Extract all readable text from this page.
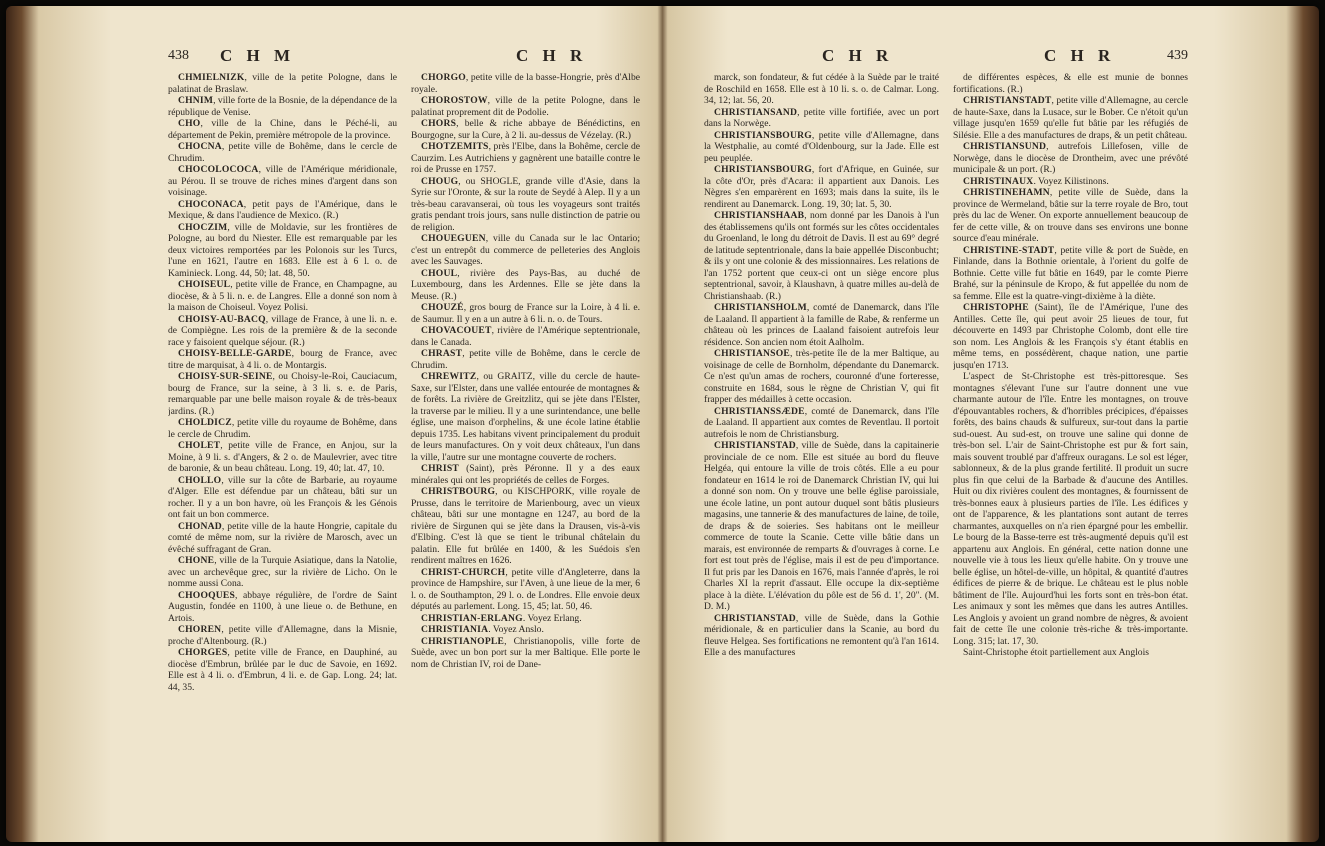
438 C H M	C H R

CHMIELNIZK, ville de la petite Pologne, dans le palatinat de Braslaw.

CHNIM, ville forte de la Bosnie, de la dépendance de la république de Venise.

CHO, ville de la Chine, dans le Péché-li, au département de Pekin, première métropole de la province.

CHOCNA, petite ville de Bohême, dans le cercle de Chrudim.

CHOCOLOCOCA, ville de l'Amérique méridionale, au Pérou. Il se trouve de riches mines d'argent dans son voisinage.

CHOCONACA, petit pays de l'Amérique, dans le Mexique, & dans l'audience de Mexico. (R.)

CHOCZIM, ville de Moldavie, sur les frontières de Pologne, au bord du Niester. Elle est remarquable par les deux victoires remportées par les Polonois sur les Turcs, l'une en 1621, l'autre en 1683. Elle est à 6 l. o. de Kaminieck. Long. 44, 50; lat. 48, 50.

CHOISEUL, petite ville de France, en Champagne, au diocèse, & à 5 li. n. e. de Langres. Elle a donné son nom à la maison de Choiseul. Voyez Polisi.

CHOISY-AU-BACQ, village de France, à une li. n. e. de Compiègne. Les rois de la première & de la seconde race y faisoient quelque séjour. (R.)

CHOISY-BELLE-GARDE, bourg de France, avec titre de marquisat, à 4 li. o. de Montargis.

CHOISY-SUR-SEINE, ou Choisy-le-Roi, Cauciacum, bourg de France, sur la seine, à 3 li. s. e. de Paris, remarquable par une belle maison royale & de très-beaux jardins. (R.)

CHOLDICZ, petite ville du royaume de Bohême, dans le cercle de Chrudim.

CHOLET, petite ville de France, en Anjou, sur la Moine, à 9 li. s. d'Angers, & 2 o. de Maulevrier, avec titre de baronie, & un beau château. Long. 19, 40; lat. 47, 10.

CHOLLO, ville sur la côte de Barbarie, au royaume d'Alger. Elle est défendue par un château, bâti sur un rocher. Il y a un bon havre, où les François & les Génois ont fait un bon commerce.

CHONAD, petite ville de la haute Hongrie, capitale du comté de même nom, sur la rivière de Marosch, avec un évêché suffragant de Gran.

CHONE, ville de la Turquie Asiatique, dans la Natolie, avec un archevêque grec, sur la rivière de Licho. On le nomme aussi Cona.

CHOOQUES, abbaye régulière, de l'ordre de Saint Augustin, fondée en 1100, à une lieue o. de Bethune, en Artois.

CHOREN, petite ville d'Allemagne, dans la Misnie, proche d'Altenbourg. (R.)

CHORGES, petite ville de France, en Dauphiné, au diocèse d'Embrun, brûlée par le duc de Savoie, en 1692. Elle est à 4 li. o. d'Embrun, 4 li. e. de Gap. Long. 24; lat. 44, 35.

CHORGO, petite ville de la basse-Hongrie, près d'Albe royale.

CHOROSTOW, ville de la petite Pologne, dans le palatinat proprement dit de Podolie.

CHORS, belle & riche abbaye de Bénédictins, en Bourgogne, sur la Cure, à 2 li. au-dessus de Vézelay. (R.)

CHOTZEMITS, près l'Elbe, dans la Bohême, cercle de Caurzim. Les Autrichiens y gagnèrent une bataille contre le roi de Prusse en 1757.

CHOUG, ou SHOGLE, grande ville d'Asie, dans la Syrie sur l'Oronte, & sur la route de Seydé à Alep. Il y a un très-beau caravanserai, où tous les voyageurs sont traités gratis pendant trois jours, sans nulle distinction de patrie ou de religion.

CHOUEGUEN, ville du Canada sur le lac Ontario; c'est un entrepôt du commerce de pelleteries des Anglois avec les Sauvages.

CHOUL, rivière des Pays-Bas, au duché de Luxembourg, dans les Ardennes. Elle se jète dans la Meuse. (R.)

CHOUZÉ, gros bourg de France sur la Loire, à 4 li. e. de Saumur. Il y en a un autre à 6 li. n. o. de Tours.

CHOVACOUET, rivière de l'Amérique septentrionale, dans le Canada.

CHRAST, petite ville de Bohême, dans le cercle de Chrudim.

CHREWITZ, ou GRAITZ, ville du cercle de haute-Saxe, sur l'Elster, dans une vallée entourée de montagnes & de forêts. La rivière de Greitzlitz, qui se jète dans l'Elster, la traverse par le milieu. Il y a une surintendance, une belle église, une maison d'orphelins, & une école latine établie depuis 1735. Les habitans vivent principalement du produit de leurs manufactures. On y voit deux châteaux, l'un dans la ville, l'autre sur une montagne couverte de rochers.

CHRIST (Saint), près Péronne. Il y a des eaux minérales qui ont les propriétés de celles de Forges.

CHRISTBOURG, ou KISCHPORK, ville royale de Prusse, dans le territoire de Marienbourg, avec un vieux château, bâti sur une montagne en 1247, au bord de la rivière de Sirgunen qui se jète dans la Drausen, vis-à-vis d'Elbing. C'est là que se tient le tribunal châtelain du palatin. Elle fut brûlée en 1400, & les Suédois s'en rendirent maîtres en 1626.

CHRIST-CHURCH, petite ville d'Angleterre, dans la province de Hampshire, sur l'Aven, à une lieue de la mer, 6 l. o. de Southampton, 29 l. o. de Londres. Elle envoie deux députés au parlement. Long. 15, 45; lat. 50, 46.

CHRISTIAN-ERLANG. Voyez Erlang.

CHRISTIANIA. Voyez Anslo.

CHRISTIANOPLE, Christianopolis, ville forte de Suède, avec un bon port sur la mer Baltique. Elle porte le nom de Christian IV, roi de Dane-

C H R	C H R	439

marck, son fondateur, & fut cédée à la Suède par le traité de Roschild en 1658. Elle est à 10 li. s. o. de Calmar. Long. 34, 12; lat. 56, 20.

CHRISTIANSAND, petite ville fortifiée, avec un port dans la Norwège.

CHRISTIANSBOURG, petite ville d'Allemagne, dans la Westphalie, au comté d'Oldenbourg, sur la Jade. Elle est peu peuplée.

CHRISTIANSBOURG, fort d'Afrique, en Guinée, sur la côte d'Or, près d'Acara: il appartient aux Danois. Les Nègres s'en emparèrent en 1693; mais dans la suite, ils le rendirent au Danemarck. Long. 19, 30; lat. 5, 30.

CHRISTIANSHAAB, nom donné par les Danois à l'un des établissemens qu'ils ont formés sur les côtes occidentales du Groenland, le long du détroit de Davis. Il est au 69° degré de latitude septentrionale, dans la baie appellée Disconbucht; & ils y ont une colonie & des missionnaires. Les relations de l'an 1752 portent que ceux-ci ont un siège encore plus septentrional, savoir, à Klaushavn, à quatre milles au-delà de Christianshaab. (R.)

CHRISTIANSHOLM, comté de Danemarck, dans l'île de Laaland. Il appartient à la famille de Rabe, & renferme un château où les princes de Laaland faisoient autrefois leur résidence. Son ancien nom étoit Aalholm.

CHRISTIANSOE, très-petite île de la mer Baltique, au voisinage de celle de Bornholm, dépendante du Danemarck. Ce n'est qu'un amas de rochers, couronné d'une forteresse, construite en 1684, sous le règne de Christian V, qui fit frapper des médailles à cette occasion.

CHRISTIANSSÆDE, comté de Danemarck, dans l'île de Laaland. Il appartient aux comtes de Reventlau. Il portoit autrefois le nom de Christiansburg.

CHRISTIANSTAD, ville de Suède, dans la capitainerie provinciale de ce nom. Elle est située au bord du fleuve Helgéa, qui entoure la ville de trois côtés. Elle a eu pour fondateur en 1614 le roi de Danemarck Christian IV, qui lui a donné son nom. On y trouve une belle église paroissiale, une école latine, un pont autour duquel sont bâtis plusieurs magasins, une tannerie & des manufactures de laine, de toile, de draps & de soieries. Ses habitans ont le meilleur commerce de toute la Scanie. Cette ville bâtie dans un marais, est environnée de remparts & d'ouvrages à corne. Le fort est tout près de l'église, mais il est de peu d'importance. Il fut pris par les Danois en 1676, mais l'année d'après, le roi Charles XI la reprit d'assaut. Elle occupe la dix-septième place à la diète. L'élévation du pôle est de 56 d. 1', 20". (M. D. M.)

CHRISTIANSTAD, ville de Suède, dans la Gothie méridionale, & en particulier dans la Scanie, au bord du fleuve Helgea. Ses fortifications ne remontent qu'à l'an 1614. Elle a des manufactures

de différentes espèces, & elle est munie de bonnes fortifications. (R.)

CHRISTIANSTADT, petite ville d'Allemagne, au cercle de haute-Saxe, dans la Lusace, sur le Bober. Ce n'étoit qu'un village jusqu'en 1659 qu'elle fut bâtie par les réfugiés de Silésie. Elle a des manufactures de draps, & un petit château.

CHRISTIANSUND, autrefois Lillefosen, ville de Norwège, dans le diocèse de Drontheim, avec une prévôté municipale & un port. (R.)

CHRISTINAUX. Voyez Kilistinons.

CHRISTINEHAMN, petite ville de Suède, dans la province de Wermeland, bâtie sur la terre royale de Bro, tout près du lac de Wener. On exporte annuellement beaucoup de fer de cette ville, & on trouve dans ses environs une bonne source d'eau minérale.

CHRISTINE-STADT, petite ville & port de Suède, en Finlande, dans la Bothnie orientale, à l'orient du golfe de Bothnie. Cette ville fut bâtie en 1649, par le comte Pierre Brahé, sur la péninsule de Kropo, & fut appellée du nom de sa femme. Elle est la quatre-vingt-dixième à la diète.

CHRISTOPHE (Saint), île de l'Amérique, l'une des Antilles. Cette île, qui peut avoir 25 lieues de tour, fut découverte en 1493 par Christophe Colomb, dont elle tire son nom. Les Anglois & les François s'y étant établis en même tems, en possédèrent, chaque nation, une partie jusqu'en 1713.

L'aspect de St-Christophe est très-pittoresque. Ses montagnes s'élevant l'une sur l'autre donnent une vue charmante autour de l'île. Entre les montagnes, on trouve d'épouvantables rochers, & d'horribles précipices, d'épaisses forêts, des bains chauds & sulfureux, sur-tout dans la partie sud-ouest. Au sud-est, on trouve une saline qui donne de très-bon sel. L'air de Saint-Christophe est pur & fort sain, mais souvent troublé par d'affreux ouragans. Le sol est léger, sablonneux, & de la plus grande fertilité. Il produit un sucre plus fin que celui de la Barbade & d'aucune des Antilles. Huit ou dix rivières coulent des montagnes, & fournissent de très-bonnes eaux à plusieurs parties de l'île. Les édifices y ont de l'apparence, & les plantations sont autant de terres charmantes, auxquelles on n'a rien épargné pour les embellir. Le bourg de la Basse-terre est très-augmenté depuis qu'il est appartenu aux Anglois. En général, cette nation donne une nouvelle vie à tous les lieux qu'elle habite. On y trouve une belle église, un hôtel-de-ville, un hôpital, & quantité d'autres édifices de pierre & de brique. Le château est le plus noble bâtiment de l'île. Aujourd'hui les forts sont en très-bon état. Les animaux y sont les mêmes que dans les autres Antilles. Les Anglois y avoient un grand nombre de nègres, & avoient fait de cette île une colonie très-riche & très-importante. Long. 315; lat. 17, 30.

Saint-Christophe étoit partiellement aux Anglois
